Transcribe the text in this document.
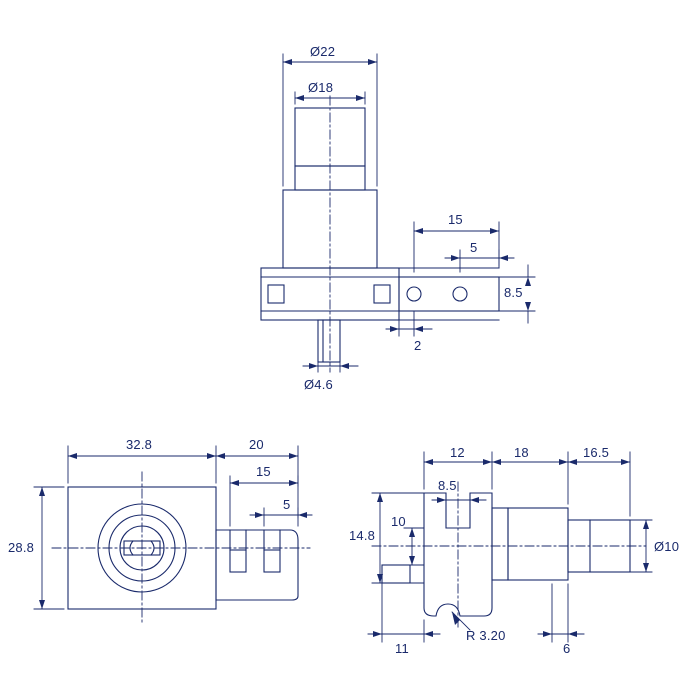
Ø22
Ø18
15
5
8.5
2
Ø4.6
32.8	20
15
5
28.8
12	18	16.5
8.5
10
14.8
Ø10
11
R 3.20
6
